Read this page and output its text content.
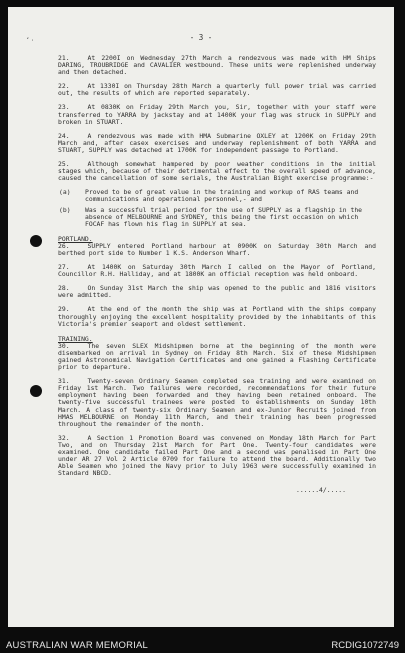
ʻ·	- 3 -

21.	At 2200I on Wednesday 27th March a rendezvous was made with HM Ships DARING, TROUBRIDGE and CAVALIER westbound. These units were replenished underway and then detached.

22.	At 1330I on Thursday 28th March a quarterly full power trial was carried out, the results of which are reported separately.

23.	At 0830K on Friday 29th March you, Sir, together with your staff were transferred to YARRA by jackstay and at 1400K your flag was struck in SUPPLY and broken in STUART.

24.	A rendezvous was made with HMA Submarine OXLEY at 1200K on Friday 29th March and, after casex exercises and underway replenishment of both YARRA and STUART, SUPPLY was detached at 1700K for independent passage to Portland.

25.	Although somewhat hampered by poor weather conditions in the initial stages which, because of their detrimental effect to the overall speed of advance, caused the cancellation of some serials, the Australian Bight exercise programme:-

(a)	Proved to be of great value in the training and workup of RAS teams and communications and operational personnel,- and
(b)	Was a successful trial period for the use of SUPPLY as a flagship in the absence of MELBOURNE and SYDNEY, this being the first occasion on which FOCAF has flown his flag in SUPPLY at sea.
PORTLAND.

26.	SUPPLY entered Portland harbour at 0900K on Saturday 30th March and berthed port side to Number 1 K.S. Anderson Wharf.

27.	At 1400K on Saturday 30th March I called on the Mayor of Portland, Councillor R.H. Halliday, and at 1800K an official reception was held onboard.

28.	On Sunday 31st March the ship was opened to the public and 1816 visitors were admitted.

29.	At the end of the month the ship was at Portland with the ships company thoroughly enjoying the excellent hospitality provided by the inhabitants of this Victoria's premier seaport and oldest settlement.

TRAINING.

30.	The seven SLEX Midshipmen borne at the beginning of the month were disembarked on arrival in Sydney on Friday 8th March. Six of these Midshipmen gained Astronomical Navigation Certificates and one gained a Flashing Certificate prior to departure.

31.	Twenty-seven Ordinary Seamen completed sea training and were examined on Friday 1st March. Two failures were recorded, recommendations for their future employment having been forwarded and they having been retained onboard. The twenty-five successful trainees were posted to establishments on Sunday 10th March. A class of twenty-six Ordinary Seamen and ex-Junior Recruits joined from HMAS MELBOURNE on Monday 11th March, and their training has been progressed throughout the remainder of the month.

32.	A Section 1 Promotion Board was convened on Monday 18th March for Part Two, and on Thursday 21st March for Part One. Twenty-four candidates were examined. One candidate failed Part One and a second was penalised in Part One under AR 27 Vol 2 Article 0709 for failure to attend the board. Additionally two Able Seamen who joined the Navy prior to July 1963 were successfully examined in Standard NBCD.

......4/.....
AUSTRALIAN WAR MEMORIAL	RCDIG1072749
